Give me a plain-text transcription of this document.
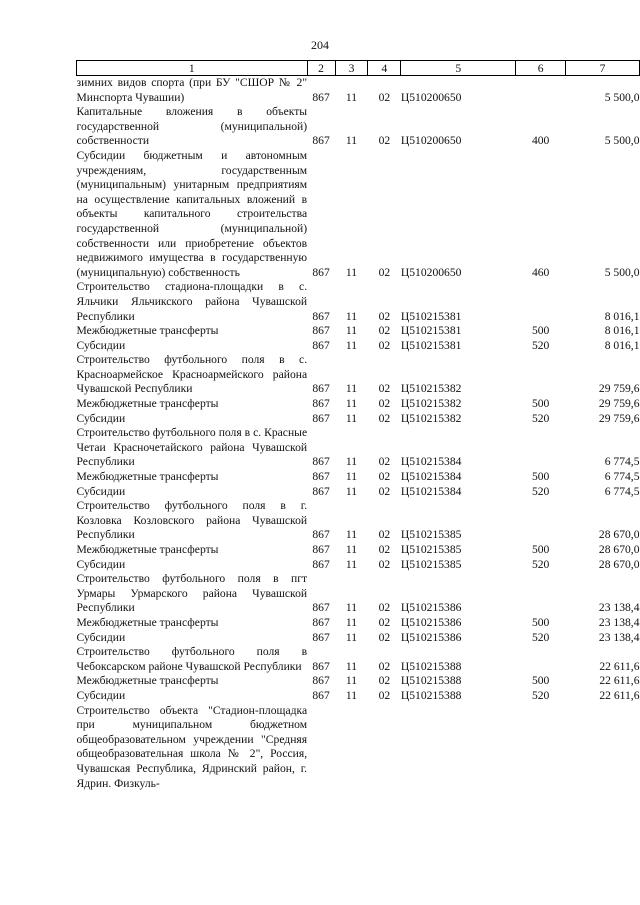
204
1	2	3	4	5	6	7
зимних видов спорта (при БУ "СШОР № 2" Минспорта Чувашии)	867	11	02	Ц510200650		5 500,0
Капитальные вложения в объекты государственной (муниципальной) собственности	867	11	02	Ц510200650	400	5 500,0
Субсидии бюджетным и автономным учреждениям, государственным (муниципальным) унитарным предприятиям на осуществление капитальных вложений в объекты капитального строительства государственной (муниципальной) собственности или приобретение объектов недвижимого имущества в государственную (муниципальную) собственность	867	11	02	Ц510200650	460	5 500,0
Строительство стадиона-площадки в с. Яльчики Яльчикского района Чувашской Республики	867	11	02	Ц510215381		8 016,1
Межбюджетные трансферты	867	11	02	Ц510215381	500	8 016,1
Субсидии	867	11	02	Ц510215381	520	8 016,1
Строительство футбольного поля в с. Красноармейское Красноармейского района Чувашской Республики	867	11	02	Ц510215382		29 759,6
Межбюджетные трансферты	867	11	02	Ц510215382	500	29 759,6
Субсидии	867	11	02	Ц510215382	520	29 759,6
Строительство футбольного поля в с. Красные Четаи Красночетайского района Чувашской Республики	867	11	02	Ц510215384		6 774,5
Межбюджетные трансферты	867	11	02	Ц510215384	500	6 774,5
Субсидии	867	11	02	Ц510215384	520	6 774,5
Строительство футбольного поля в г. Козловка Козловского района Чувашской Республики	867	11	02	Ц510215385		28 670,0
Межбюджетные трансферты	867	11	02	Ц510215385	500	28 670,0
Субсидии	867	11	02	Ц510215385	520	28 670,0
Строительство футбольного поля в пгт Урмары Урмарского района Чувашской Республики	867	11	02	Ц510215386		23 138,4
Межбюджетные трансферты	867	11	02	Ц510215386	500	23 138,4
Субсидии	867	11	02	Ц510215386	520	23 138,4
Строительство футбольного поля в Чебоксарском районе Чувашской Республики	867	11	02	Ц510215388		22 611,6
Межбюджетные трансферты	867	11	02	Ц510215388	500	22 611,6
Субсидии	867	11	02	Ц510215388	520	22 611,6
Строительство объекта "Стадион-площадка при муниципальном бюджетном общеобразовательном учреждении "Средняя общеобразовательная школа № 2", Россия, Чувашская Республика, Ядринский район, г. Ядрин. Физкуль-						
